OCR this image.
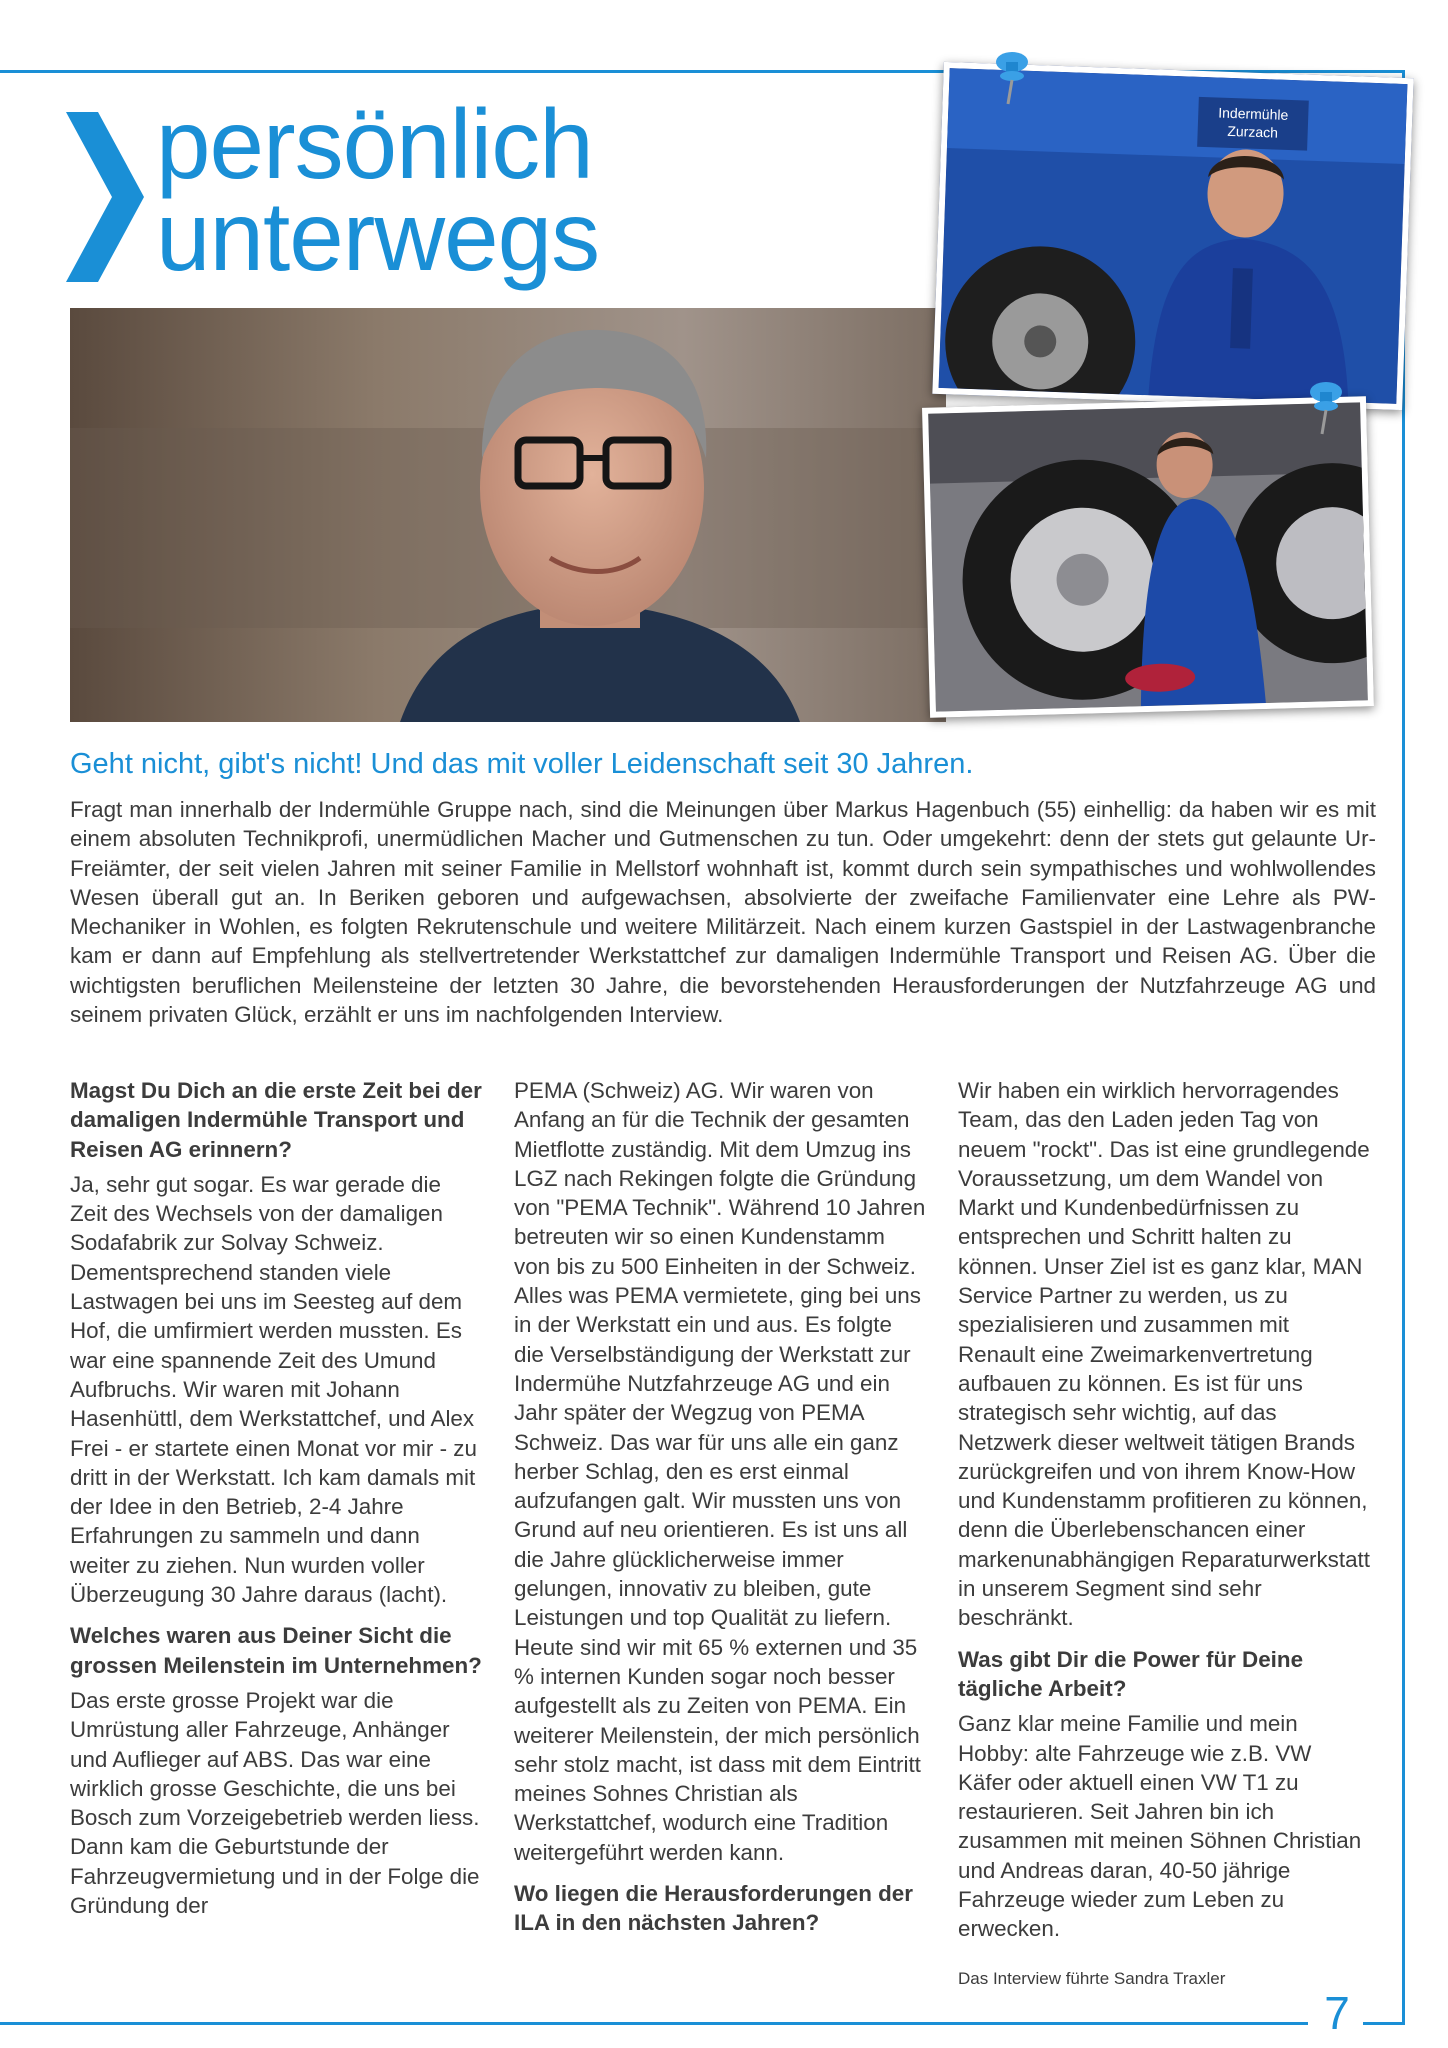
7
persönlich
unterwegs
Indermühle
Zurzach
Geht nicht, gibt's nicht! Und das mit voller Leidenschaft seit 30 Jahren.
Fragt man innerhalb der Indermühle Gruppe nach, sind die Meinungen über Markus Hagenbuch (55) einhellig: da haben wir es mit einem absoluten Technikprofi, unermüdlichen Macher und Gutmenschen zu tun. Oder umgekehrt: denn der stets gut gelaunte Ur-Freiämter, der seit vielen Jahren mit seiner Familie in Mellstorf wohnhaft ist, kommt durch sein sympathisches und wohlwollendes Wesen überall gut an. In Beriken geboren und aufgewachsen, absolvierte der zweifache Familienvater eine Lehre als PW-Mechaniker in Wohlen, es folgten Rekrutenschule und weitere Militärzeit. Nach einem kurzen Gastspiel in der Lastwagenbranche kam er dann auf Empfehlung als stellvertretender Werkstattchef zur damaligen Indermühle Transport und Reisen AG. Über die wichtigsten beruflichen Meilensteine der letzten 30 Jahre, die bevorstehenden Herausforderungen der Nutzfahrzeuge AG und seinem privaten Glück, erzählt er uns im nachfolgenden Interview.

Magst Du Dich an die erste Zeit bei der damaligen Indermühle Transport und Reisen AG erinnern?

Ja, sehr gut sogar. Es war gerade die Zeit des Wechsels von der damaligen Sodafabrik zur Solvay Schweiz. Dementsprechend standen viele Lastwagen bei uns im Seesteg auf dem Hof, die umfirmiert werden mussten. Es war eine spannende Zeit des Umund Aufbruchs. Wir waren mit Johann Hasenhüttl, dem Werkstattchef, und Alex Frei - er startete einen Monat vor mir - zu dritt in der Werkstatt. Ich kam damals mit der Idee in den Betrieb, 2-4 Jahre Erfahrungen zu sammeln und dann weiter zu ziehen. Nun wurden voller Überzeugung 30 Jahre daraus (lacht).

Welches waren aus Deiner Sicht die grossen Meilenstein im Unternehmen?

Das erste grosse Projekt war die Umrüstung aller Fahrzeuge, Anhänger und Auflieger auf ABS. Das war eine wirklich grosse Geschichte, die uns bei Bosch zum Vorzeigebetrieb werden liess. Dann kam die Geburtstunde der Fahrzeugvermietung und in der Folge die Gründung der

PEMA (Schweiz) AG. Wir waren von Anfang an für die Technik der gesamten Mietflotte zuständig. Mit dem Umzug ins LGZ nach Rekingen folgte die Gründung von "PEMA Technik". Während 10 Jahren betreuten wir so einen Kundenstamm von bis zu 500 Einheiten in der Schweiz. Alles was PEMA vermietete, ging bei uns in der Werkstatt ein und aus. Es folgte die Verselbständigung der Werkstatt zur Indermühe Nutzfahrzeuge AG und ein Jahr später der Wegzug von PEMA Schweiz. Das war für uns alle ein ganz herber Schlag, den es erst einmal aufzufangen galt. Wir mussten uns von Grund auf neu orientieren. Es ist uns all die Jahre glücklicherweise immer gelungen, innovativ zu bleiben, gute Leistungen und top Qualität zu liefern. Heute sind wir mit 65 % externen und 35 % internen Kunden sogar noch besser aufgestellt als zu Zeiten von PEMA. Ein weiterer Meilenstein, der mich persönlich sehr stolz macht, ist dass mit dem Eintritt meines Sohnes Christian als Werkstattchef, wodurch eine Tradition weitergeführt werden kann.

Wo liegen die Herausforderungen der ILA in den nächsten Jahren?

Wir haben ein wirklich hervorragendes Team, das den Laden jeden Tag von neuem "rockt". Das ist eine grundlegende Voraussetzung, um dem Wandel von Markt und Kundenbedürfnissen zu entsprechen und Schritt halten zu können. Unser Ziel ist es ganz klar, MAN Service Partner zu werden, us zu spezialisieren und zusammen mit Renault eine Zweimarkenvertretung aufbauen zu können. Es ist für uns strategisch sehr wichtig, auf das Netzwerk dieser weltweit tätigen Brands zurückgreifen und von ihrem Know-How und Kundenstamm profitieren zu können, denn die Überlebenschancen einer markenunabhängigen Reparaturwerkstatt in unserem Segment sind sehr beschränkt.

Was gibt Dir die Power für Deine tägliche Arbeit?

Ganz klar meine Familie und mein Hobby: alte Fahrzeuge wie z.B. VW Käfer oder aktuell einen VW T1 zu restaurieren. Seit Jahren bin ich zusammen mit meinen Söhnen Christian und Andreas daran, 40-50 jährige Fahrzeuge wieder zum Leben zu erwecken.

Das Interview führte Sandra Traxler
